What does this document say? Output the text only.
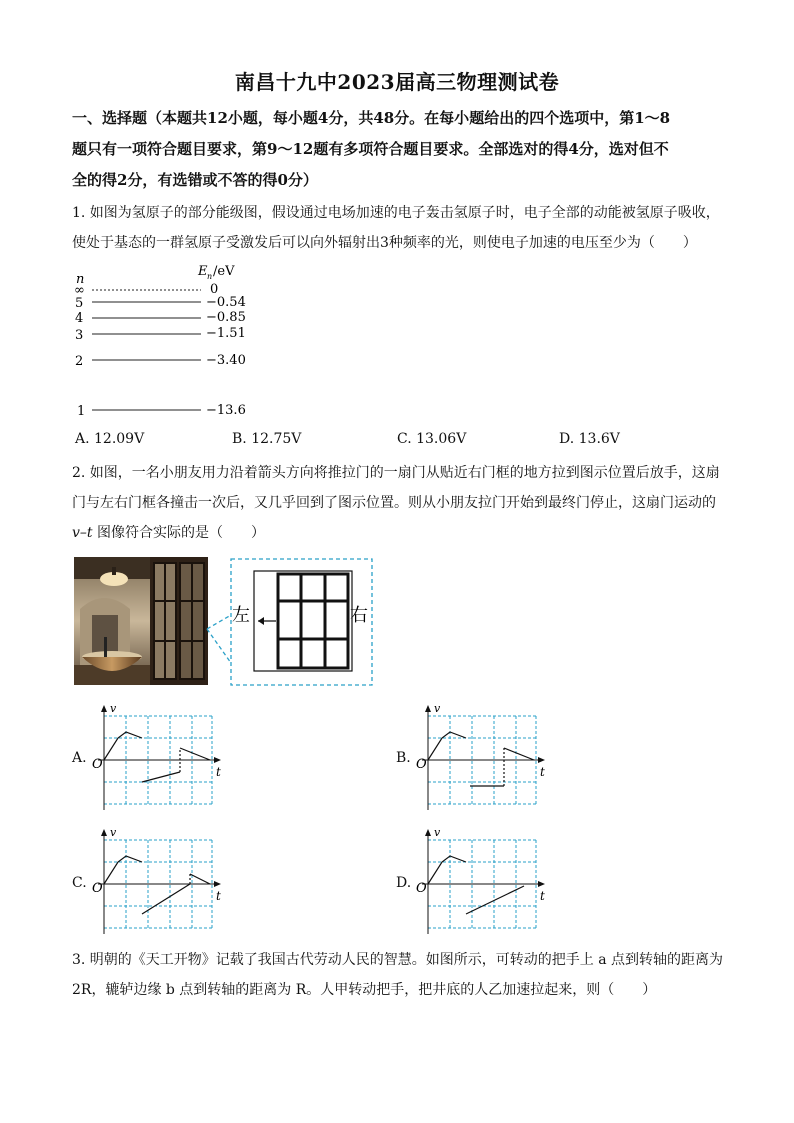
南昌十九中2023届高三物理测试卷
一、选择题（本题共12小题，每小题4分，共48分。在每小题给出的四个选项中，第1～8
题只有一项符合题目要求，第9～12题有多项符合题目要求。全部选对的得4分，选对但不
全的得2分，有选错或不答的得0分）
1. 如图为氢原子的部分能级图，假设通过电场加速的电子轰击氢原子时，电子全部的动能被氢原子吸收，
使处于基态的一群氢原子受激发后可以向外辐射出3种频率的光，则使电子加速的电压至少为（　　）
n
E n /eV
∞	0
5	−0.54
4	−0.85
3	−1.51
2	−3.40
1	−13.6
A. 12.09V	B. 12.75V	C. 13.06V	D. 13.6V
2. 如图，一名小朋友用力沿着箭头方向将推拉门的一扇门从贴近右门框的地方拉到图示位置后放手，这扇
门与左右门框各撞击一次后，又几乎回到了图示位置。则从小朋友拉门开始到最终门停止，这扇门运动的
v–t 图像符合实际的是（　　）
左	右
A.
v
t
O	B.
v
t
O
C.
v
t
O	D.
v
t
O
3. 明朝的《天工开物》记载了我国古代劳动人民的智慧。如图所示，可转动的把手上 a 点到转轴的距离为
2R，辘轳边缘 b 点到转轴的距离为 R。人甲转动把手，把井底的人乙加速拉起来，则（　　）
